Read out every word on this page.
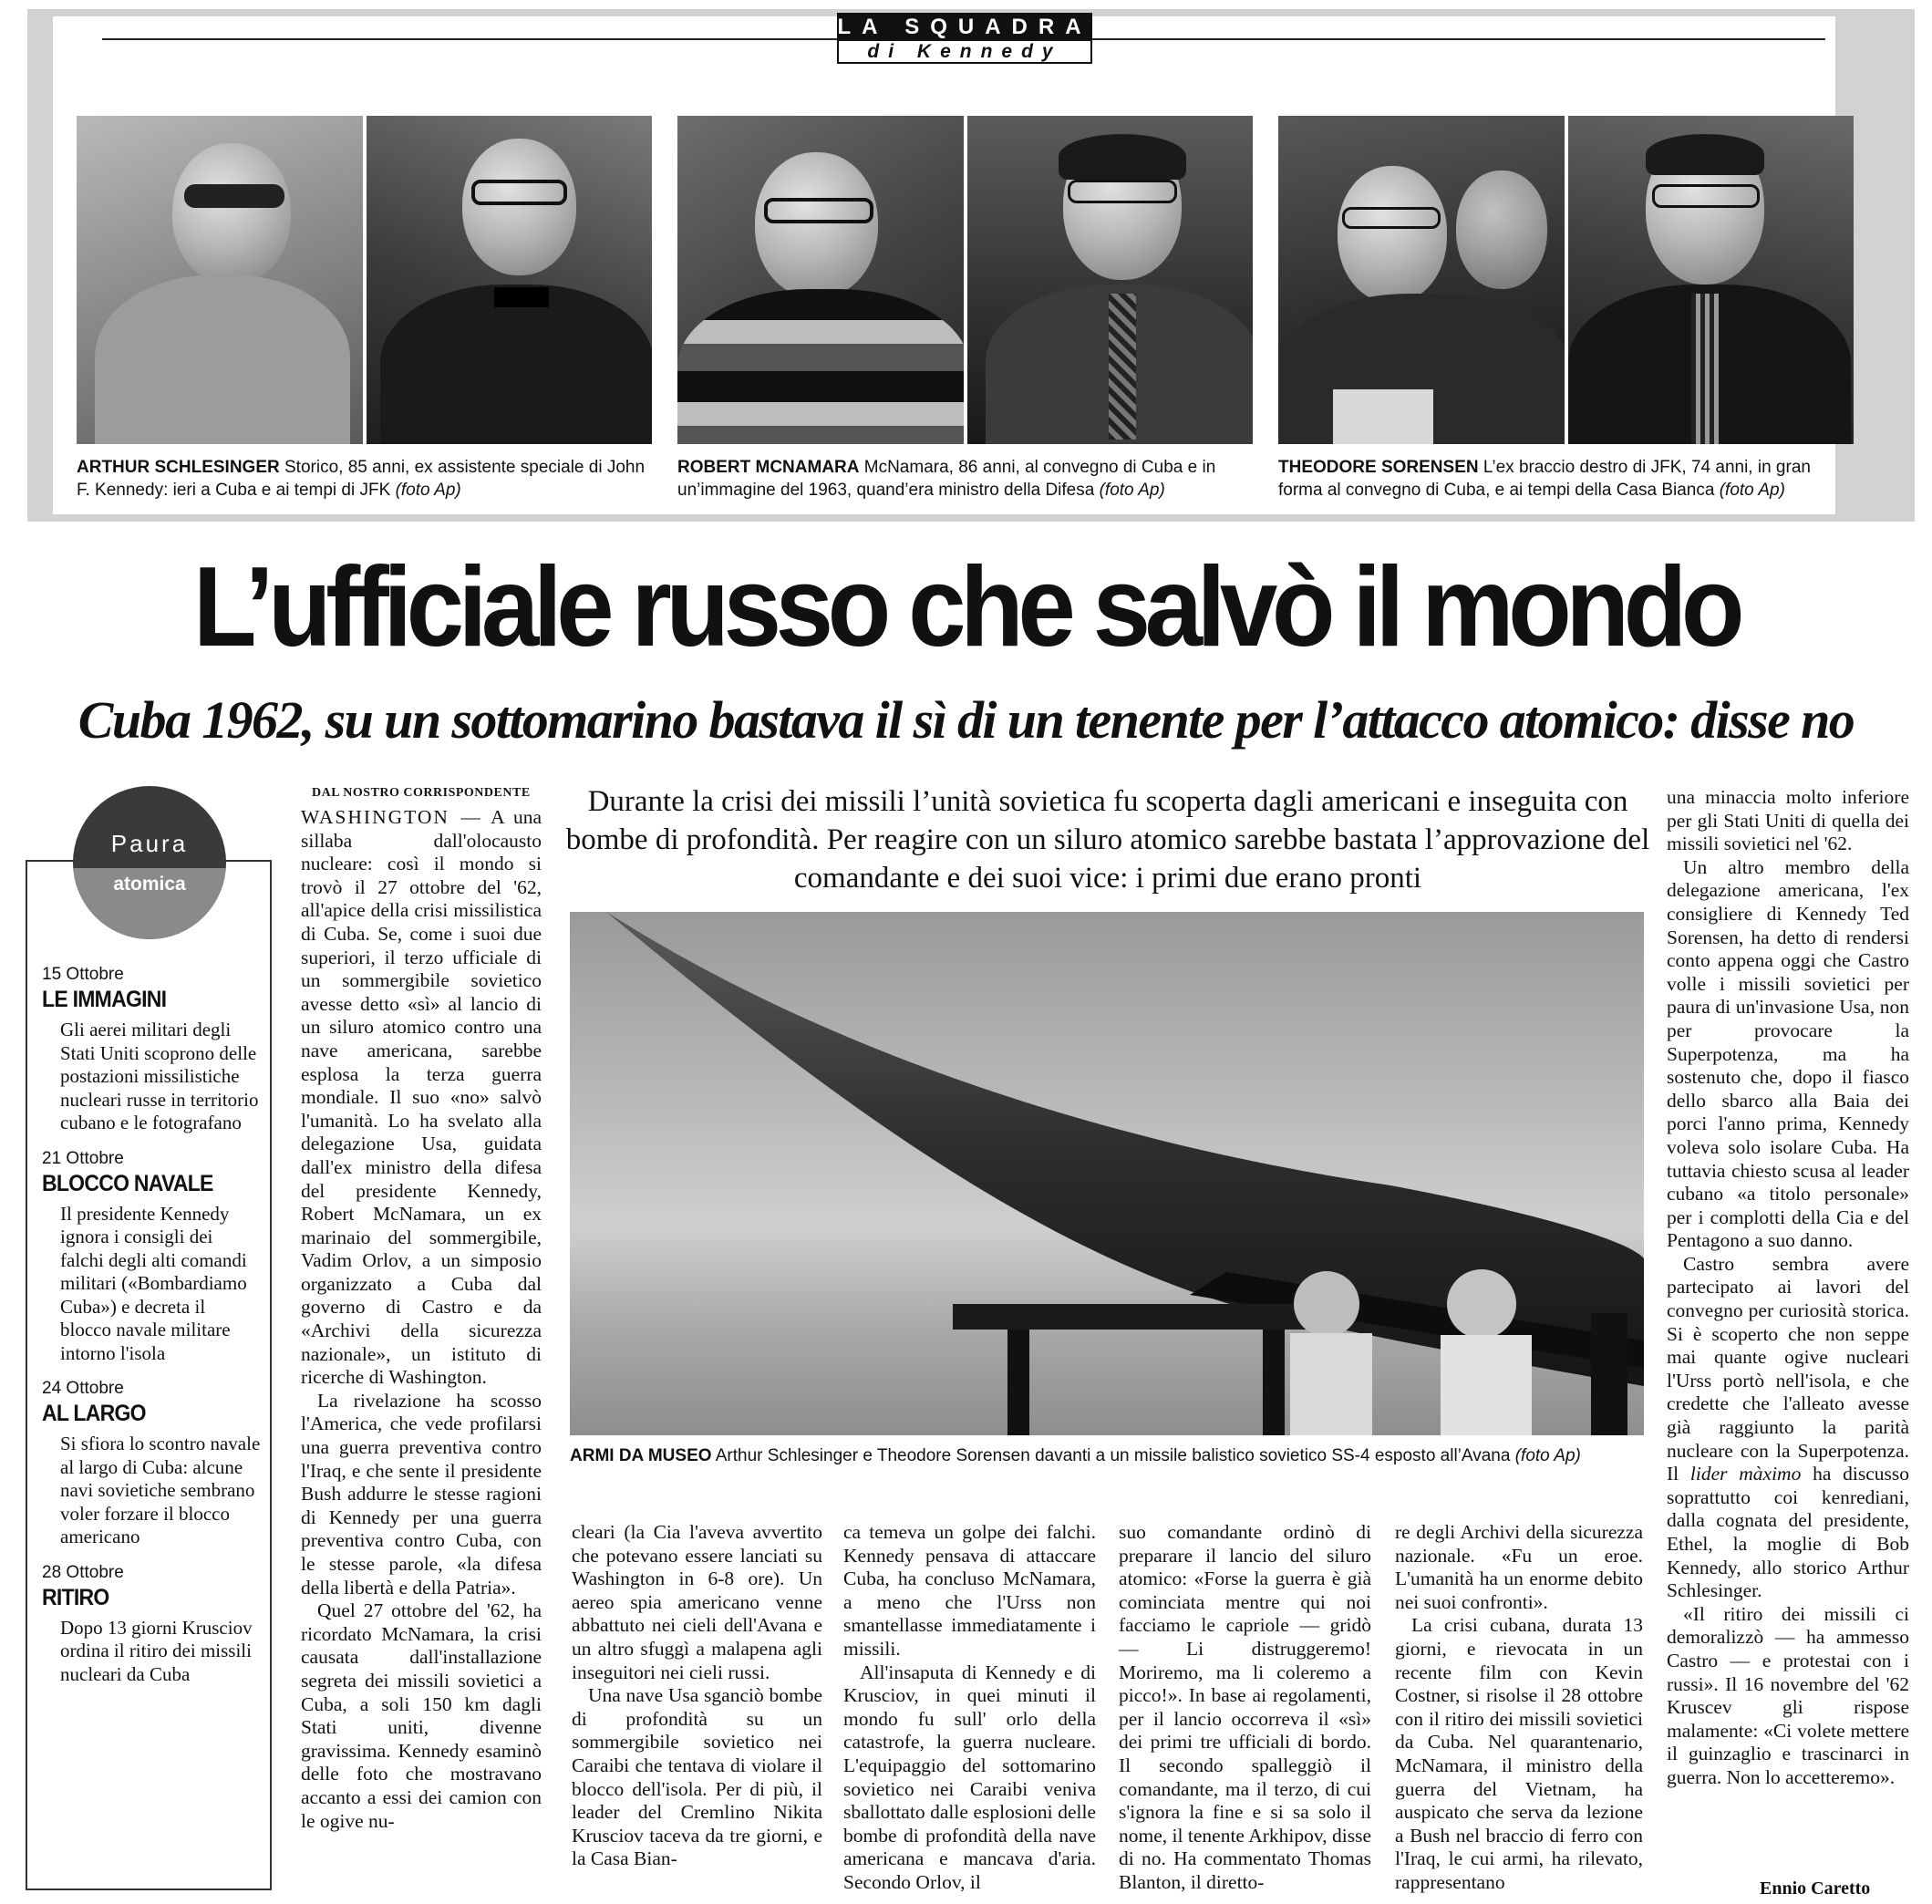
LA SQUADRA
di Kennedy
ARTHUR SCHLESINGER Storico, 85 anni, ex assistente speciale di John F. Kennedy: ieri a Cuba e ai tempi di JFK (foto Ap)
ROBERT MCNAMARA McNamara, 86 anni, al convegno di Cuba e in un’immagine del 1963, quand’era ministro della Difesa (foto Ap)
THEODORE SORENSEN L’ex braccio destro di JFK, 74 anni, in gran forma al convegno di Cuba, e ai tempi della Casa Bianca (foto Ap)
L’ufficiale russo che salvò il mondo
Cuba 1962, su un sottomarino bastava il sì di un tenente per l’attacco atomico: disse no
Paura
atomica
15 Ottobre
LE IMMAGINI
Gli aerei militari degli Stati Uniti scoprono delle postazioni missilistiche nucleari russe in territorio cubano e le fotografano
21 Ottobre
BLOCCO NAVALE
Il presidente Kennedy ignora i consigli dei falchi degli alti comandi militari («Bombardiamo Cuba») e decreta il blocco navale militare intorno l'isola
24 Ottobre
AL LARGO
Si sfiora lo scontro navale al largo di Cuba: alcune navi sovietiche sembrano voler forzare il blocco americano
28 Ottobre
RITIRO
Dopo 13 giorni Krusciov ordina il ritiro dei missili nucleari da Cuba
DAL NOSTRO CORRISPONDENTE

WASHINGTON — A una sillaba dall'olocausto nucleare: così il mondo si trovò il 27 ottobre del '62, all'apice della crisi missilistica di Cuba. Se, come i suoi due superiori, il terzo ufficiale di un sommergibile sovietico avesse detto «sì» al lancio di un siluro atomico contro una nave americana, sarebbe esplosa la terza guerra mondiale. Il suo «no» salvò l'umanità. Lo ha svelato alla delegazione Usa, guidata dall'ex ministro della difesa del presidente Kennedy, Robert McNamara, un ex marinaio del sommergibile, Vadim Orlov, a un simposio organizzato a Cuba dal governo di Castro e da «Archivi della sicurezza nazionale», un istituto di ricerche di Washington.

La rivelazione ha scosso l'America, che vede profilarsi una guerra preventiva contro l'Iraq, e che sente il presidente Bush addurre le stesse ragioni di Kennedy per una guerra preventiva contro Cuba, con le stesse parole, «la difesa della libertà e della Patria».

Quel 27 ottobre del '62, ha ricordato McNamara, la crisi causata dall'installazione segreta dei missili sovietici a Cuba, a soli 150 km dagli Stati uniti, divenne gravissima. Kennedy esaminò delle foto che mostravano accanto a essi dei camion con le ogive nu-

Durante la crisi dei missili l’unità sovietica fu scoperta dagli americani e inseguita con bombe di profondità. Per reagire con un siluro atomico sarebbe bastata l’approvazione del comandante e dei suoi vice: i primi due erano pronti
ARMI DA MUSEO Arthur Schlesinger e Theodore Sorensen davanti a un missile balistico sovietico SS-4 esposto all’Avana (foto Ap)

cleari (la Cia l'aveva avvertito che potevano essere lanciati su Washington in 6-8 ore). Un aereo spia americano venne abbattuto nei cieli dell'Avana e un altro sfuggì a malapena agli inseguitori nei cieli russi.

Una nave Usa sganciò bombe di profondità su un sommergibile sovietico nei Caraibi che tentava di violare il blocco dell'isola. Per di più, il leader del Cremlino Nikita Krusciov taceva da tre giorni, e la Casa Bian-

ca temeva un golpe dei falchi. Kennedy pensava di attaccare Cuba, ha concluso McNamara, a meno che l'Urss non smantellasse immediatamente i missili.

All'insaputa di Kennedy e di Krusciov, in quei minuti il mondo fu sull' orlo della catastrofe, la guerra nucleare. L'equipaggio del sottomarino sovietico nei Caraibi veniva sballottato dalle esplosioni delle bombe di profondità della nave americana e mancava d'aria. Secondo Orlov, il

suo comandante ordinò di preparare il lancio del siluro atomico: «Forse la guerra è già cominciata mentre qui noi facciamo le capriole — gridò — Li distruggeremo! Moriremo, ma li coleremo a picco!». In base ai regolamenti, per il lancio occorreva il «sì» dei primi tre ufficiali di bordo. Il secondo spalleggiò il comandante, ma il terzo, di cui s'ignora la fine e si sa solo il nome, il tenente Arkhipov, disse di no. Ha commentato Thomas Blanton, il diretto-

re degli Archivi della sicurezza nazionale. «Fu un eroe. L'umanità ha un enorme debito nei suoi confronti».

La crisi cubana, durata 13 giorni, e rievocata in un recente film con Kevin Costner, si risolse il 28 ottobre con il ritiro dei missili sovietici da Cuba. Nel quarantenario, McNamara, il ministro della guerra del Vietnam, ha auspicato che serva da lezione a Bush nel braccio di ferro con l'Iraq, le cui armi, ha rilevato, rappresentano

una minaccia molto inferiore per gli Stati Uniti di quella dei missili sovietici nel '62.

Un altro membro della delegazione americana, l'ex consigliere di Kennedy Ted Sorensen, ha detto di rendersi conto appena oggi che Castro volle i missili sovietici per paura di un'invasione Usa, non per provocare la Superpotenza, ma ha sostenuto che, dopo il fiasco dello sbarco alla Baia dei porci l'anno prima, Kennedy voleva solo isolare Cuba. Ha tuttavia chiesto scusa al leader cubano «a titolo personale» per i complotti della Cia e del Pentagono a suo danno.

Castro sembra avere partecipato ai lavori del convegno per curiosità storica. Si è scoperto che non seppe mai quante ogive nucleari l'Urss portò nell'isola, e che credette che l'alleato avesse già raggiunto la parità nucleare con la Superpotenza. Il lider màximo ha discusso soprattutto coi kenrediani, dalla cognata del presidente, Ethel, la moglie di Bob Kennedy, allo storico Arthur Schlesinger.

«Il ritiro dei missili ci demoralizzò — ha ammesso Castro — e protestai con i russi». Il 16 novembre del '62 Kruscev gli rispose malamente: «Ci volete mettere il guinzaglio e trascinarci in guerra. Non lo accetteremo».

Ennio Caretto
